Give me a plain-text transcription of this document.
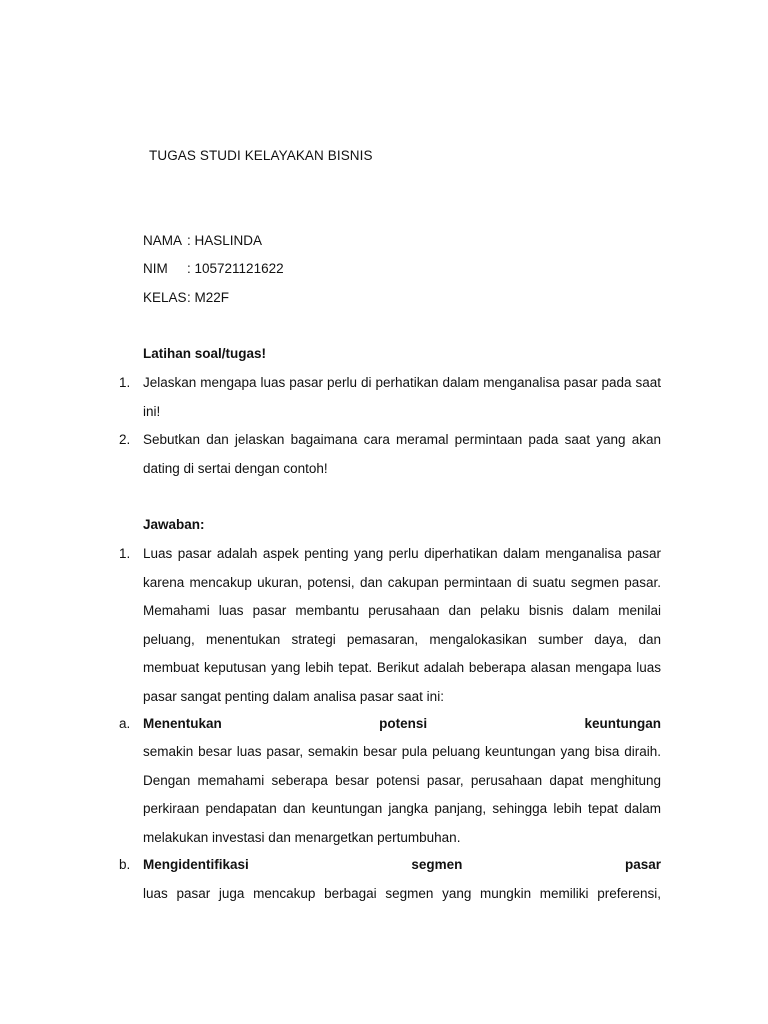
TUGAS STUDI KELAYAKAN BISNIS
NAMA : HASLINDA
NIM : 105721121622
KELAS: M22F
Latihan soal/tugas!
1. Jelaskan mengapa luas pasar perlu di perhatikan dalam menganalisa pasar pada saat
ini!
2. Sebutkan dan jelaskan bagaimana cara meramal permintaan pada saat yang akan
dating di sertai dengan contoh!
Jawaban:
1. Luas pasar adalah aspek penting yang perlu diperhatikan dalam menganalisa pasar
karena mencakup ukuran, potensi, dan cakupan permintaan di suatu segmen pasar.
Memahami luas pasar membantu perusahaan dan pelaku bisnis dalam menilai
peluang, menentukan strategi pemasaran, mengalokasikan sumber daya, dan
membuat keputusan yang lebih tepat. Berikut adalah beberapa alasan mengapa luas
pasar sangat penting dalam analisa pasar saat ini:
a. Menentukan	potensi	keuntungan
semakin besar luas pasar, semakin besar pula peluang keuntungan yang bisa diraih.
Dengan memahami seberapa besar potensi pasar, perusahaan dapat menghitung
perkiraan pendapatan dan keuntungan jangka panjang, sehingga lebih tepat dalam
melakukan investasi dan menargetkan pertumbuhan.
b. Mengidentifikasi	segmen	pasar
luas pasar juga mencakup berbagai segmen yang mungkin memiliki preferensi,
